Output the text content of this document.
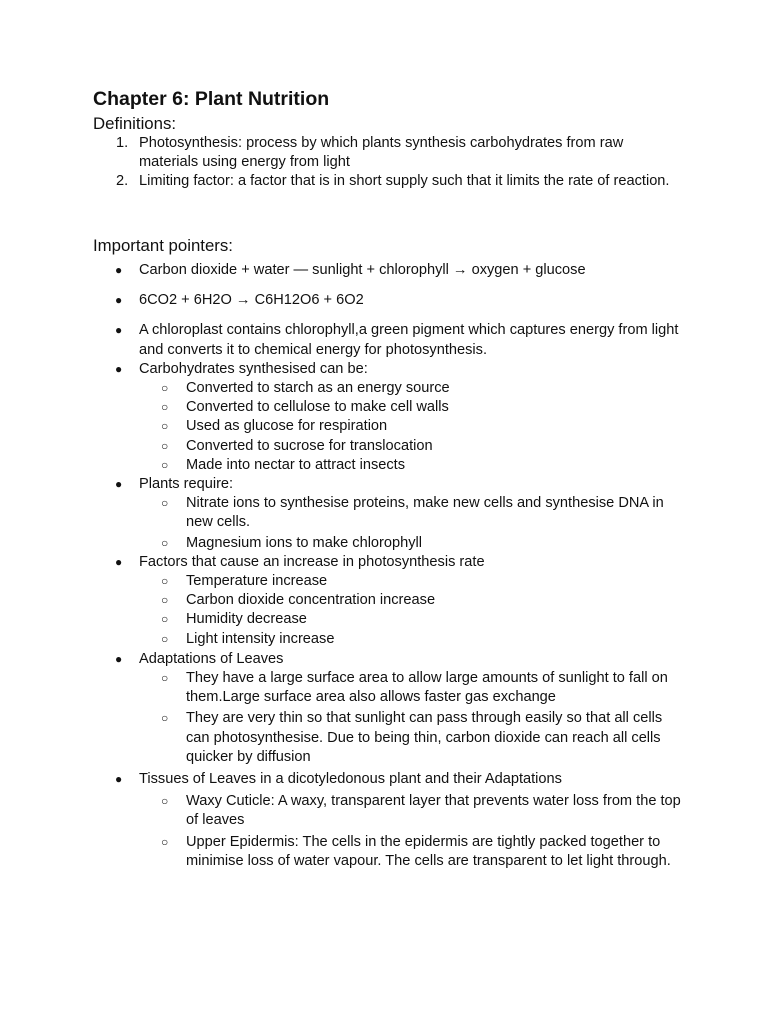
Chapter 6: Plant Nutrition
Definitions:
1. Photosynthesis: process by which plants synthesis carbohydrates from raw materials using energy from light
2. Limiting factor: a factor that is in short supply such that it limits the rate of reaction.
Important pointers:
● Carbon dioxide + water — sunlight + chlorophyll → oxygen + glucose
● 6CO2 + 6H2O → C6H12O6 + 6O2
● A chloroplast contains chlorophyll,a green pigment which captures energy from light and converts it to chemical energy for photosynthesis.
● Carbohydrates synthesised can be:
○ Converted to starch as an energy source
○ Converted to cellulose to make cell walls
○ Used as glucose for respiration
○ Converted to sucrose for translocation
○ Made into nectar to attract insects
● Plants require:
○ Nitrate ions to synthesise proteins, make new cells and synthesise DNA in new cells.
○ Magnesium ions to make chlorophyll
● Factors that cause an increase in photosynthesis rate
○ Temperature increase
○ Carbon dioxide concentration increase
○ Humidity decrease
○ Light intensity increase
● Adaptations of Leaves
○ They have a large surface area to allow large amounts of sunlight to fall on them.Large surface area also allows faster gas exchange
○ They are very thin so that sunlight can pass through easily so that all cells can photosynthesise. Due to being thin, carbon dioxide can reach all cells quicker by diffusion
● Tissues of Leaves in a dicotyledonous plant and their Adaptations
○ Waxy Cuticle: A waxy, transparent layer that prevents water loss from the top of leaves
○ Upper Epidermis: The cells in the epidermis are tightly packed together to minimise loss of water vapour. The cells are transparent to let light through.
